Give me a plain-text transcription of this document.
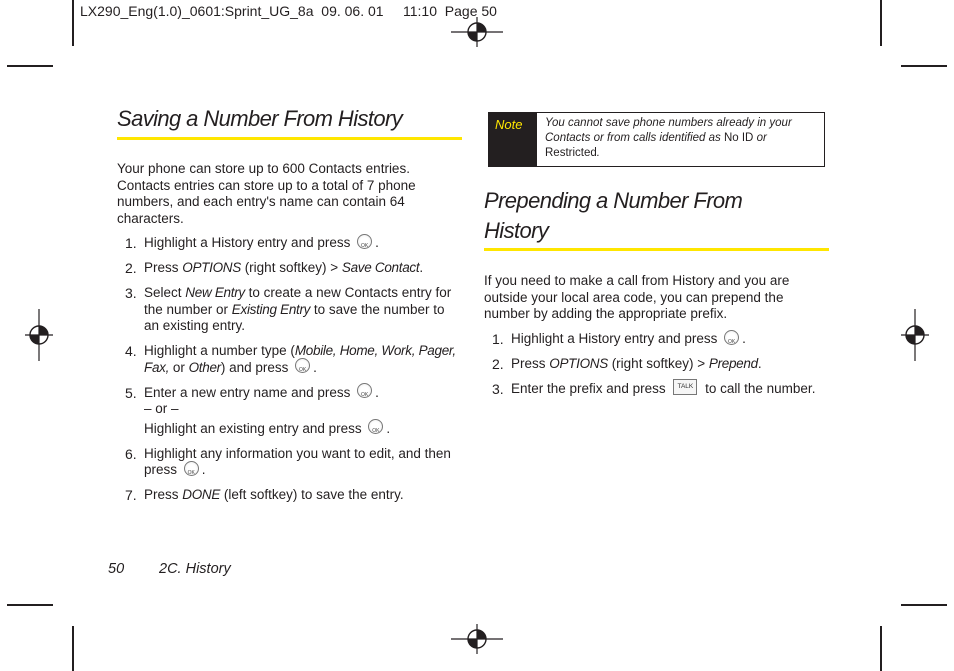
LX290_Eng(1.0)_0601:Sprint_UG_8a  09. 06. 01     11:10  Page 50
Saving a Number From History
Your phone can store up to 600 Contacts entries. Contacts entries can store up to a total of 7 phone numbers, and each entry's name can contain 64 characters.
1. Highlight a History entry and press OK .
2. Press OPTIONS (right softkey) > Save Contact.
3. Select New Entry to create a new Contacts entry for the number or Existing Entry to save the number to an existing entry.
4. Highlight a number type (Mobile, Home, Work, Pager, Fax, or Other) and press OK .
5. Enter a new entry name and press OK .
– or –
Highlight an existing entry and press OK .
6. Highlight any information you want to edit, and then press OK .
7. Press DONE (left softkey) to save the entry.
Note	You cannot save phone numbers already in your Contacts or from calls identified as No ID or
Restricted.
Prepending a Number From
History
If you need to make a call from History and you are outside your local area code, you can prepend the number by adding the appropriate prefix.
1. Highlight a History entry and press OK .
2. Press OPTIONS (right softkey) > Prepend.
3. Enter the prefix and press TALK to call the number.
50 2C. History
